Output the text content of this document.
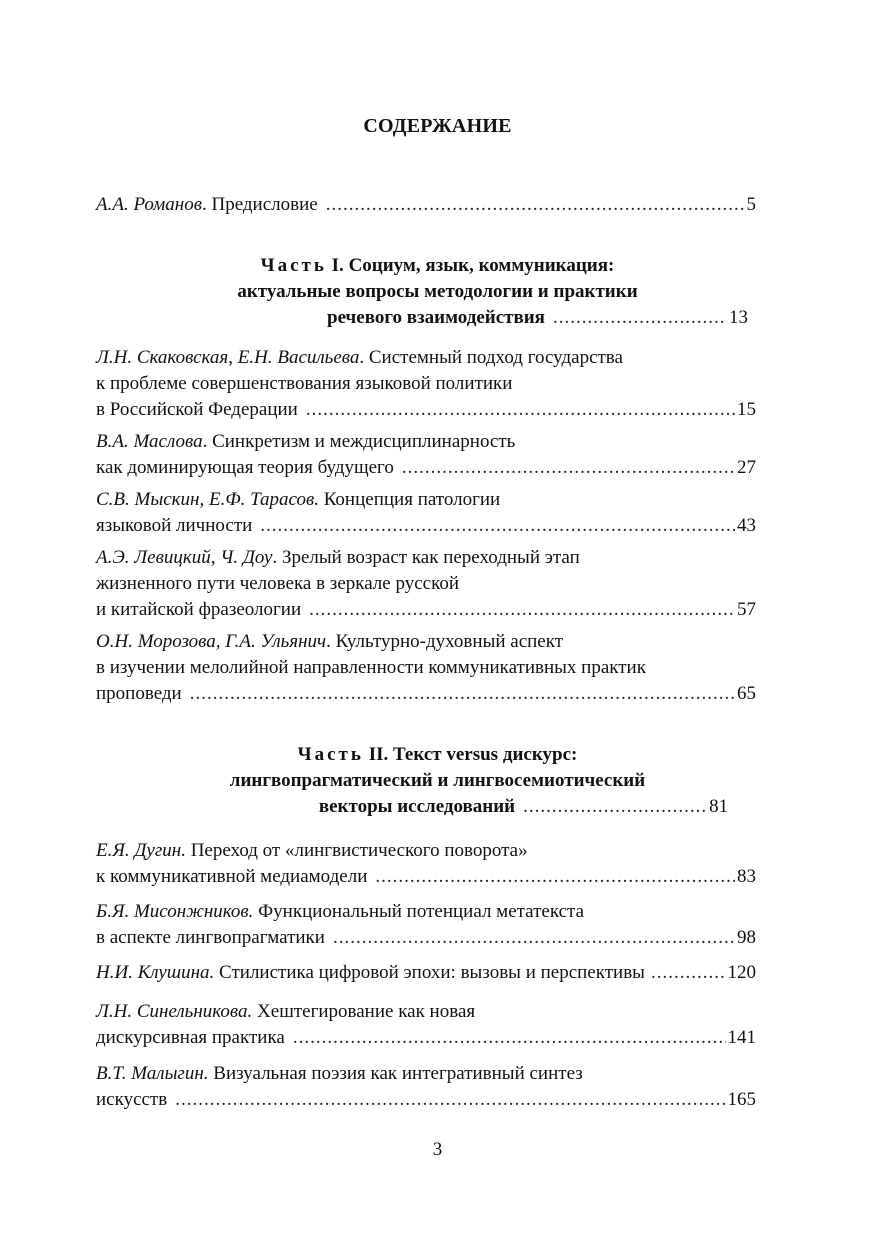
СОДЕРЖАНИЕ
А.А. Романов. Предисловие .....	5
Часть I. Социум, язык, коммуникация:
актуальные вопросы методологии и практики
речевого взаимодействия .....	13
Л.Н. Скаковская, Е.Н. Васильева. Системный подход государства
к проблеме совершенствования языковой политики
в Российской Федерации .....	15
В.А. Маслова. Синкретизм и междисциплинарность
как доминирующая теория будущего .....	27
С.В. Мыскин, Е.Ф. Тарасов. Концепция патологии
языковой личности .....	43
А.Э. Левицкий, Ч. Доу. Зрелый возраст как переходный этап
жизненного пути человека в зеркале русской
и китайской фразеологии .....	57
О.Н. Морозова, Г.А. Ульянич. Культурно-духовный аспект
в изучении мелолийной направленности коммуникативных практик
проповеди .....	65
Часть II. Текст versus дискурс:
лингвопрагматический и лингвосемиотический
векторы исследований .....	81
Е.Я. Дугин. Переход от «лингвистического поворота»
к коммуникативной медиамодели .....	83
Б.Я. Мисонжников. Функциональный потенциал метатекста
в аспекте лингвопрагматики .....	98
Н.И. Клушина. Стилистика цифровой эпохи: вызовы и перспективы .....	120
Л.Н. Синельникова. Хештегирование как новая
дискурсивная практика .....	141
В.Т. Малыгин. Визуальная поэзия как интегративный синтез
искусств .....	165
3
